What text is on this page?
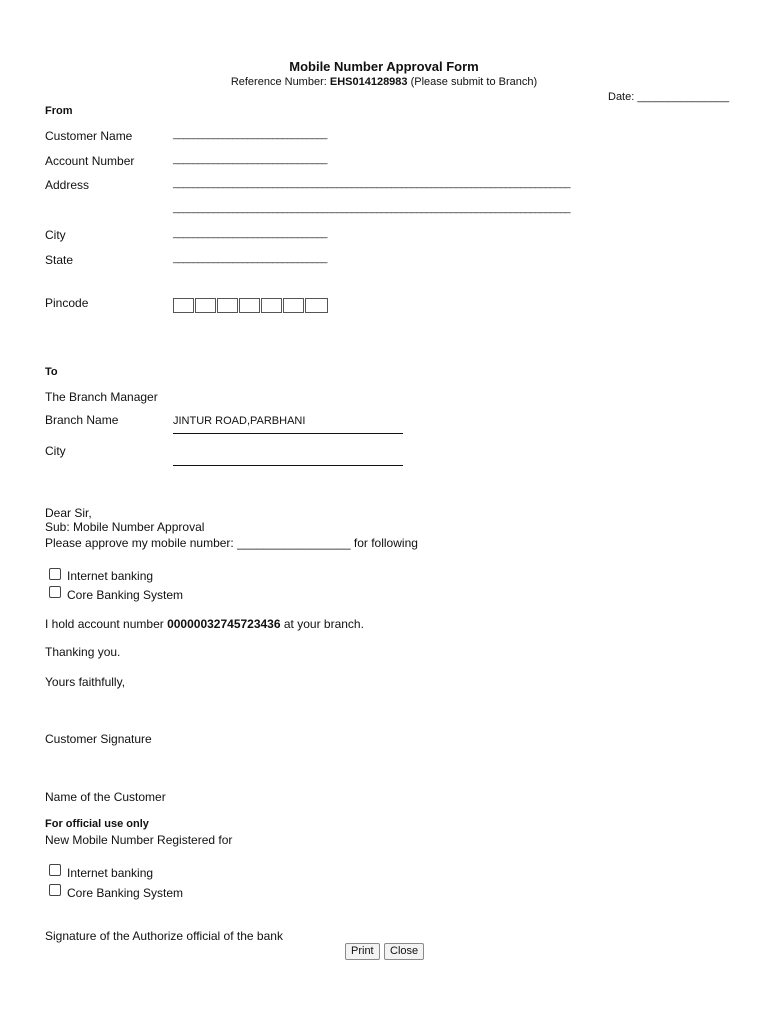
Mobile Number Approval Form
Reference Number: EHS014128983 (Please submit to Branch)
Date: _______________
From
Customer Name	_______________________________
Account Number	_______________________________
Address	________________________________________________________________________________
________________________________________________________________________________
City	_______________________________
State	_______________________________
Pincode
To
The Branch Manager
Branch Name	JINTUR ROAD,PARBHANI
City
Dear Sir,
Sub: Mobile Number Approval
Please approve my mobile number: _________________ for following
Internet banking
Core Banking System
I hold account number 00000032745723436 at your branch.
Thanking you.
Yours faithfully,
Customer Signature
Name of the Customer
For official use only
New Mobile Number Registered for
Internet banking
Core Banking System
Signature of the Authorize official of the bank
Print	Close
